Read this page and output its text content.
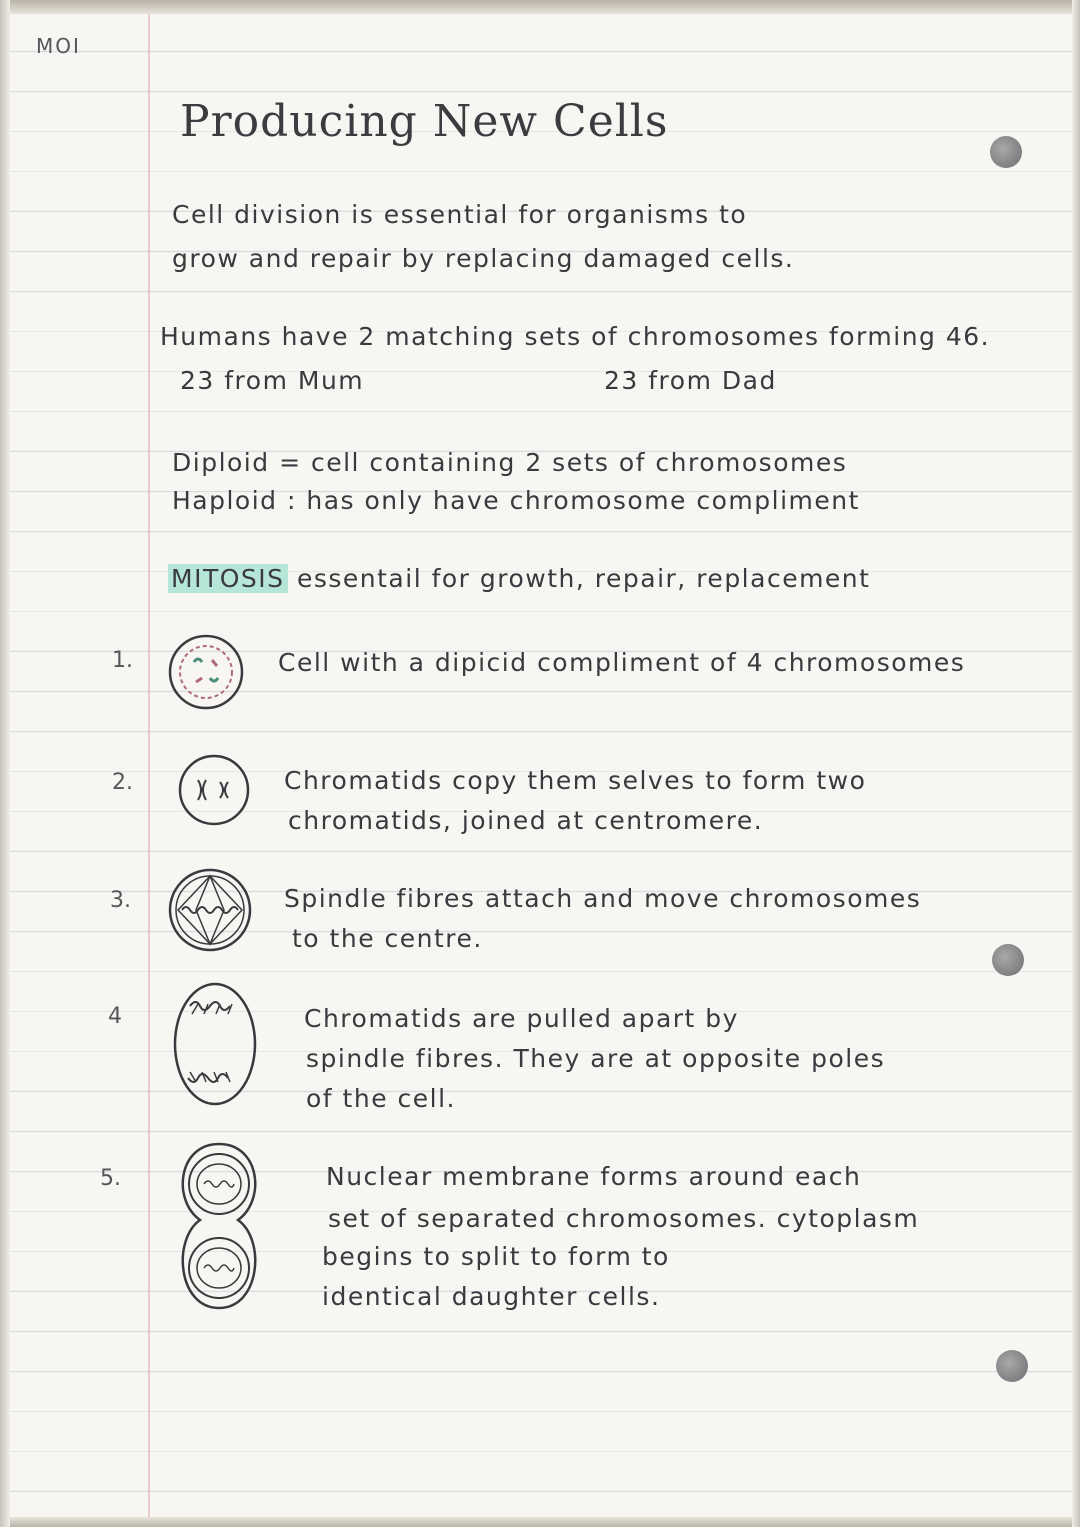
MOI
Producing New Cells
Cell division is essential for organisms to
grow and repair by replacing damaged cells.
Humans have 2 matching sets of chromosomes forming 46.
23 from Mum	23 from Dad
Diploid = cell containing 2 sets of chromosomes
Haploid : has only have chromosome compliment
MITOSIS essentail for growth, repair, replacement
1.	Cell with a dipicid compliment of 4 chromosomes
2.	Chromatids copy them selves to form two
chromatids, joined at centromere.
3.	Spindle fibres attach and move chromosomes
to the centre.
4	Chromatids are pulled apart by
spindle fibres. They are at opposite poles
of the cell.
5.	Nuclear membrane forms around each
set of separated chromosomes. cytoplasm
begins to split to form to
identical daughter cells.
